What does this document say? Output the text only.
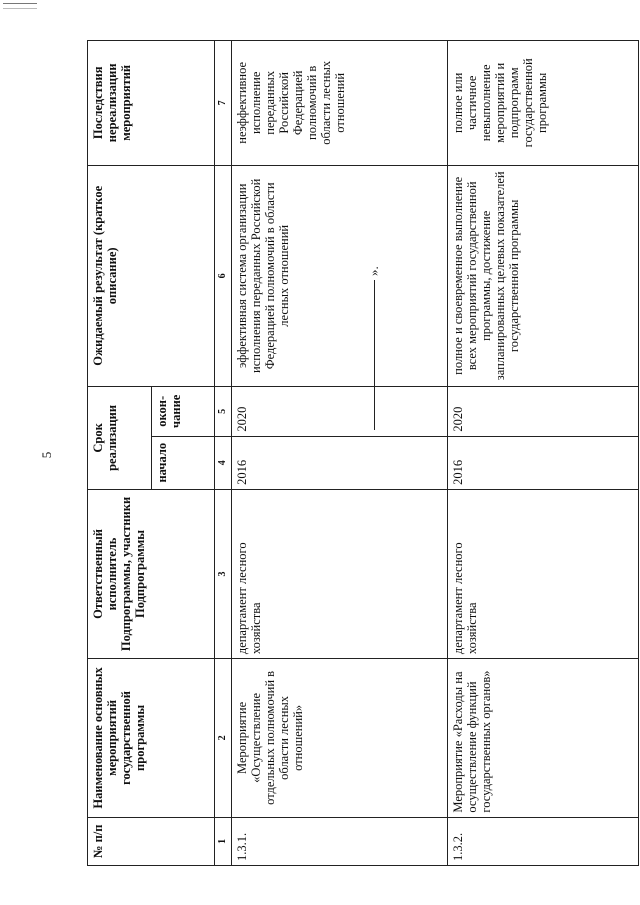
5
№ п/п	Наименование основных мероприятий государственной программы	Ответственный исполнитель Подпрограммы, участники Подпрограммы	Срок реализации		Ожидаемый результат (краткое описание)	Последствия нереализации мероприятий
			начало	окон-чание		
1	2	3	4	5	6	7
1.3.1.	Мероприятие «Осуществление отдельных полномочий в области лесных отношений»	департамент лесного хозяйства	2016	2020	эффективная система организации исполнения переданных Российской Федерацией полномочий в области лесных отношений	неэффективное исполнение переданных Российской Федерацией полномочий в области лесных отношений
1.3.2.	Мероприятие «Расходы на осуществление функций государственных органов»	департамент лесного хозяйства	2016	2020	полное и своевременное выполнение всех мероприятий государственной программы, достижение запланированных целевых показателей государственной программы	полное или частичное невыполнение мероприятий и подпрограмм государственной программы
».
